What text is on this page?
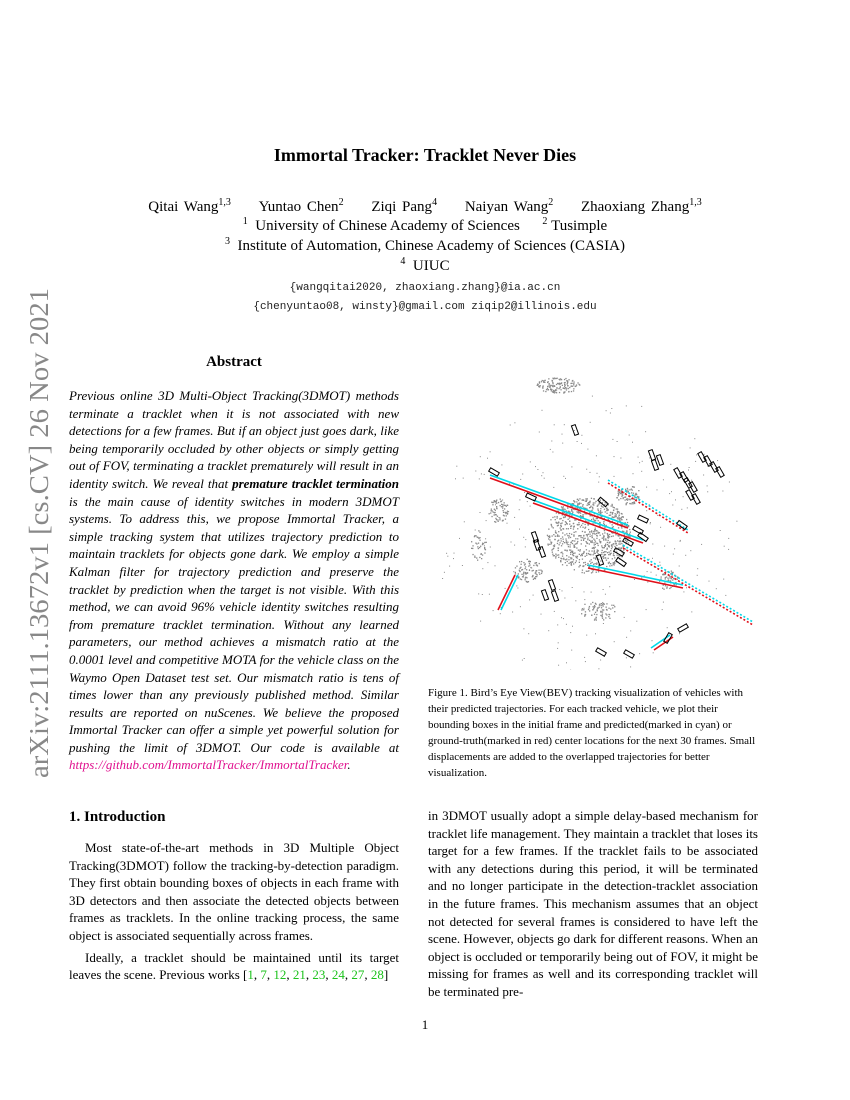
arXiv:2111.13672v1 [cs.CV] 26 Nov 2021
Immortal Tracker: Tracklet Never Dies
Qitai Wang$^{1,3}$ Yuntao Chen$^2$ Ziqi Pang$^4$ Naiyan Wang$^2$ Zhaoxiang Zhang$^{1,3}$
$^1$ University of Chinese Academy of Sciences $^2$ Tusimple
$^3$ Institute of Automation, Chinese Academy of Sciences (CASIA)
$^4$ UIUC
{wangqitai2020, zhaoxiang.zhang}@ia.ac.cn
{chenyuntao08, winsty}@gmail.com ziqip2@illinois.edu
Abstract
Previous online 3D Multi-Object Tracking(3DMOT) methods terminate a tracklet when it is not associated with new detections for a few frames. But if an object just goes dark, like being temporarily occluded by other objects or simply getting out of FOV, terminating a tracklet prematurely will result in an identity switch. We reveal that premature tracklet termination is the main cause of identity switches in modern 3DMOT systems. To address this, we propose Immortal Tracker, a simple tracking system that utilizes trajectory prediction to maintain tracklets for objects gone dark. We employ a simple Kalman filter for trajectory prediction and preserve the tracklet by prediction when the target is not visible. With this method, we can avoid 96% vehicle identity switches resulting from premature tracklet termination. Without any learned parameters, our method achieves a mismatch ratio at the 0.0001 level and competitive MOTA for the vehicle class on the Waymo Open Dataset test set. Our mismatch ratio is tens of times lower than any previously published method. Similar results are reported on nuScenes. We believe the proposed Immortal Tracker can offer a simple yet powerful solution for pushing the limit of 3DMOT. Our code is available at https://github.com/ImmortalTracker/ImmortalTracker.

Figure 1. Bird’s Eye View(BEV) tracking visualization of vehicles with their predicted trajectories. For each tracked vehicle, we plot their bounding boxes in the initial frame and predicted(marked in cyan) or ground-truth(marked in red) center locations for the next 30 frames. Small displacements are added to the overlapped trajectories for better visualization.

1. Introduction

Most state-of-the-art methods in 3D Multiple Object Tracking(3DMOT) follow the tracking-by-detection paradigm. They first obtain bounding boxes of objects in each frame with 3D detectors and then associate the detected objects between frames as tracklets. In the online tracking process, the same object is associated sequentially across frames.

Ideally, a tracklet should be maintained until its target leaves the scene. Previous works [1, 7, 12, 21, 23, 24, 27, 28]

in 3DMOT usually adopt a simple delay-based mechanism for tracklet life management. They maintain a tracklet that loses its target for a few frames. If the tracklet fails to be associated with any detections during this period, it will be terminated and no longer participate in the detection-tracklet association in the future frames. This mechanism assumes that an object not detected for several frames is considered to have left the scene. However, objects go dark for different reasons. When an object is occluded or temporarily being out of FOV, it might be missing for frames as well and its corresponding tracklet will be terminated pre-
1
